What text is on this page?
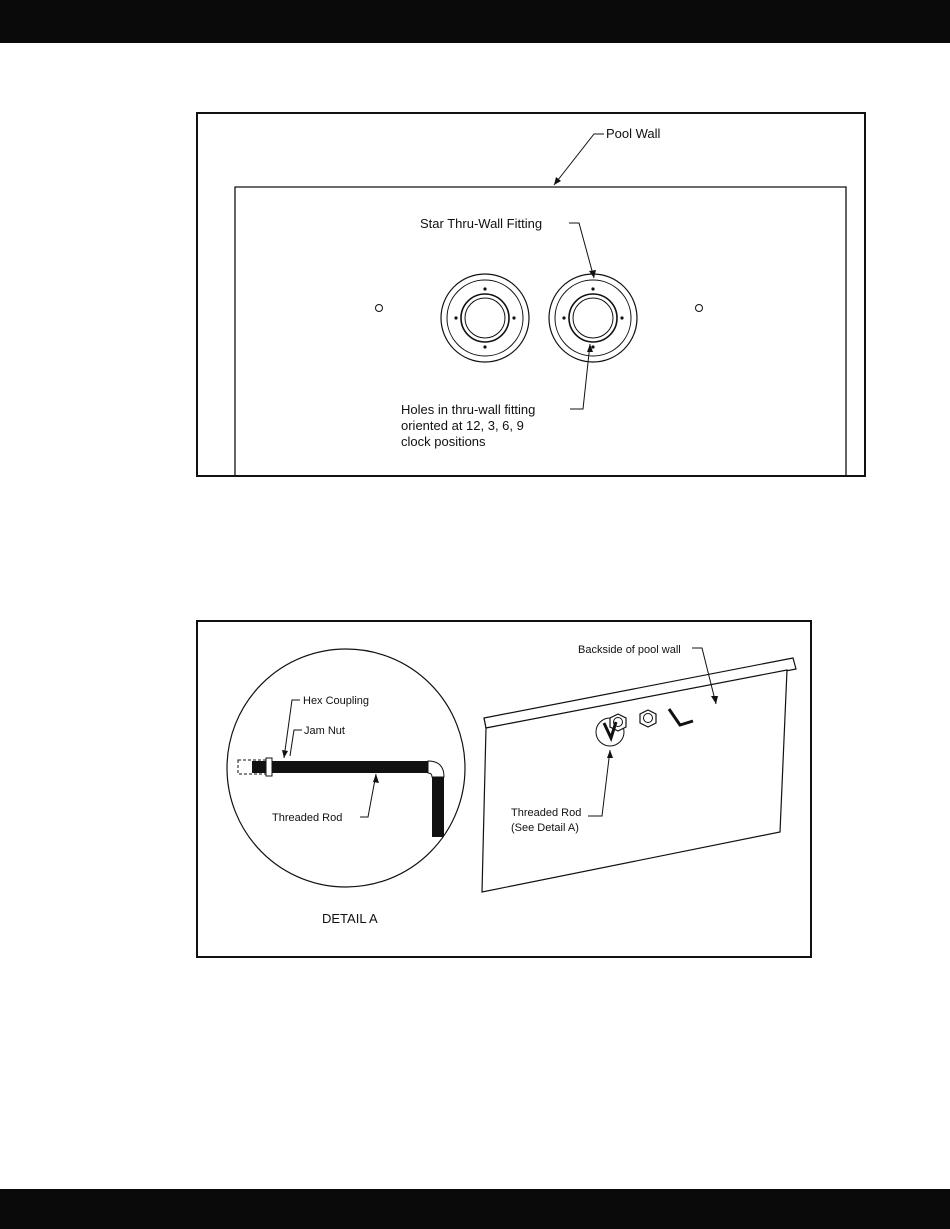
Pool Wall
Star Thru-Wall Fitting
Holes in thru-wall fitting
oriented at 12, 3, 6, 9
clock positions
Hex Coupling
Jam Nut
Threaded Rod
DETAIL A
Backside of pool wall
Threaded Rod
(See Detail A)
